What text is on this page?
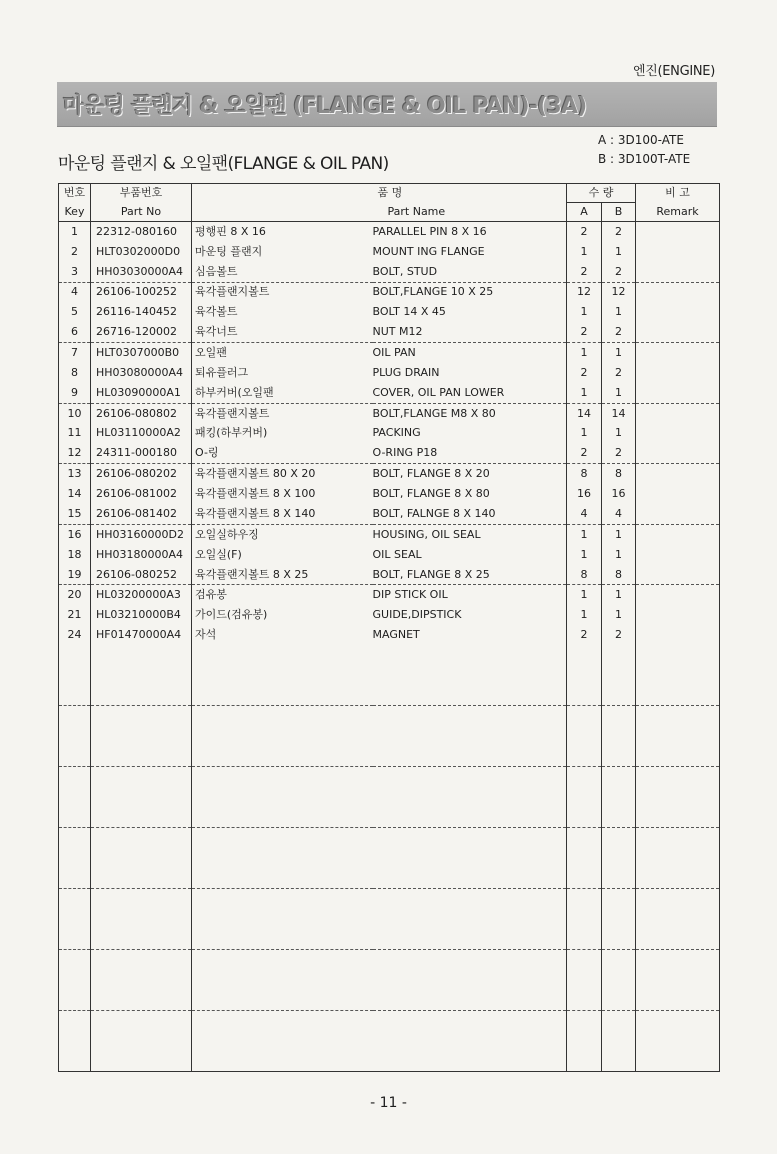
엔진(ENGINE)
마운팅 플랜지 & 오일팬 (FLANGE & OIL PAN)-(3A)
A : 3D100-ATE
B : 3D100T-ATE
마운팅 플랜지 & 오일팬(FLANGE & OIL PAN)
번호	부품번호		품 명	수 량		비 고
Key	Part No		Part Name	A	B	Remark
1	22312-080160	평행핀 8 X 16	PARALLEL PIN 8 X 16	2	2	
2	HLT0302000D0	마운팅 플랜지	MOUNT ING FLANGE	1	1	
3	HH03030000A4	심음볼트	BOLT, STUD	2	2	
4	26106-100252	육각플랜지볼트	BOLT,FLANGE 10 X 25	12	12	
5	26116-140452	육각볼트	BOLT 14 X 45	1	1	
6	26716-120002	육각너트	NUT M12	2	2	
7	HLT0307000B0	오일팬	OIL PAN	1	1	
8	HH03080000A4	퇴유플러그	PLUG DRAIN	2	2	
9	HL03090000A1	하부커버(오일팬	COVER, OIL PAN LOWER	1	1	
10	26106-080802	육각플랜지볼트	BOLT,FLANGE M8 X 80	14	14	
11	HL03110000A2	패킹(하부커버)	PACKING	1	1	
12	24311-000180	O-링	O-RING P18	2	2	
13	26106-080202	육각플랜지볼트 80 X 20	BOLT, FLANGE 8 X 20	8	8	
14	26106-081002	육각플랜지볼트 8 X 100	BOLT, FLANGE 8 X 80	16	16	
15	26106-081402	육각플랜지볼트 8 X 140	BOLT, FALNGE 8 X 140	4	4	
16	HH03160000D2	오일실하우징	HOUSING, OIL SEAL	1	1	
18	HH03180000A4	오일실(F)	OIL SEAL	1	1	
19	26106-080252	육각플랜지볼트 8 X 25	BOLT, FLANGE 8 X 25	8	8	
20	HL03200000A3	검유봉	DIP STICK OIL	1	1	
21	HL03210000B4	가이드(검유봉)	GUIDE,DIPSTICK	1	1	
24	HF01470000A4	자석	MAGNET	2	2	

- 11 -
